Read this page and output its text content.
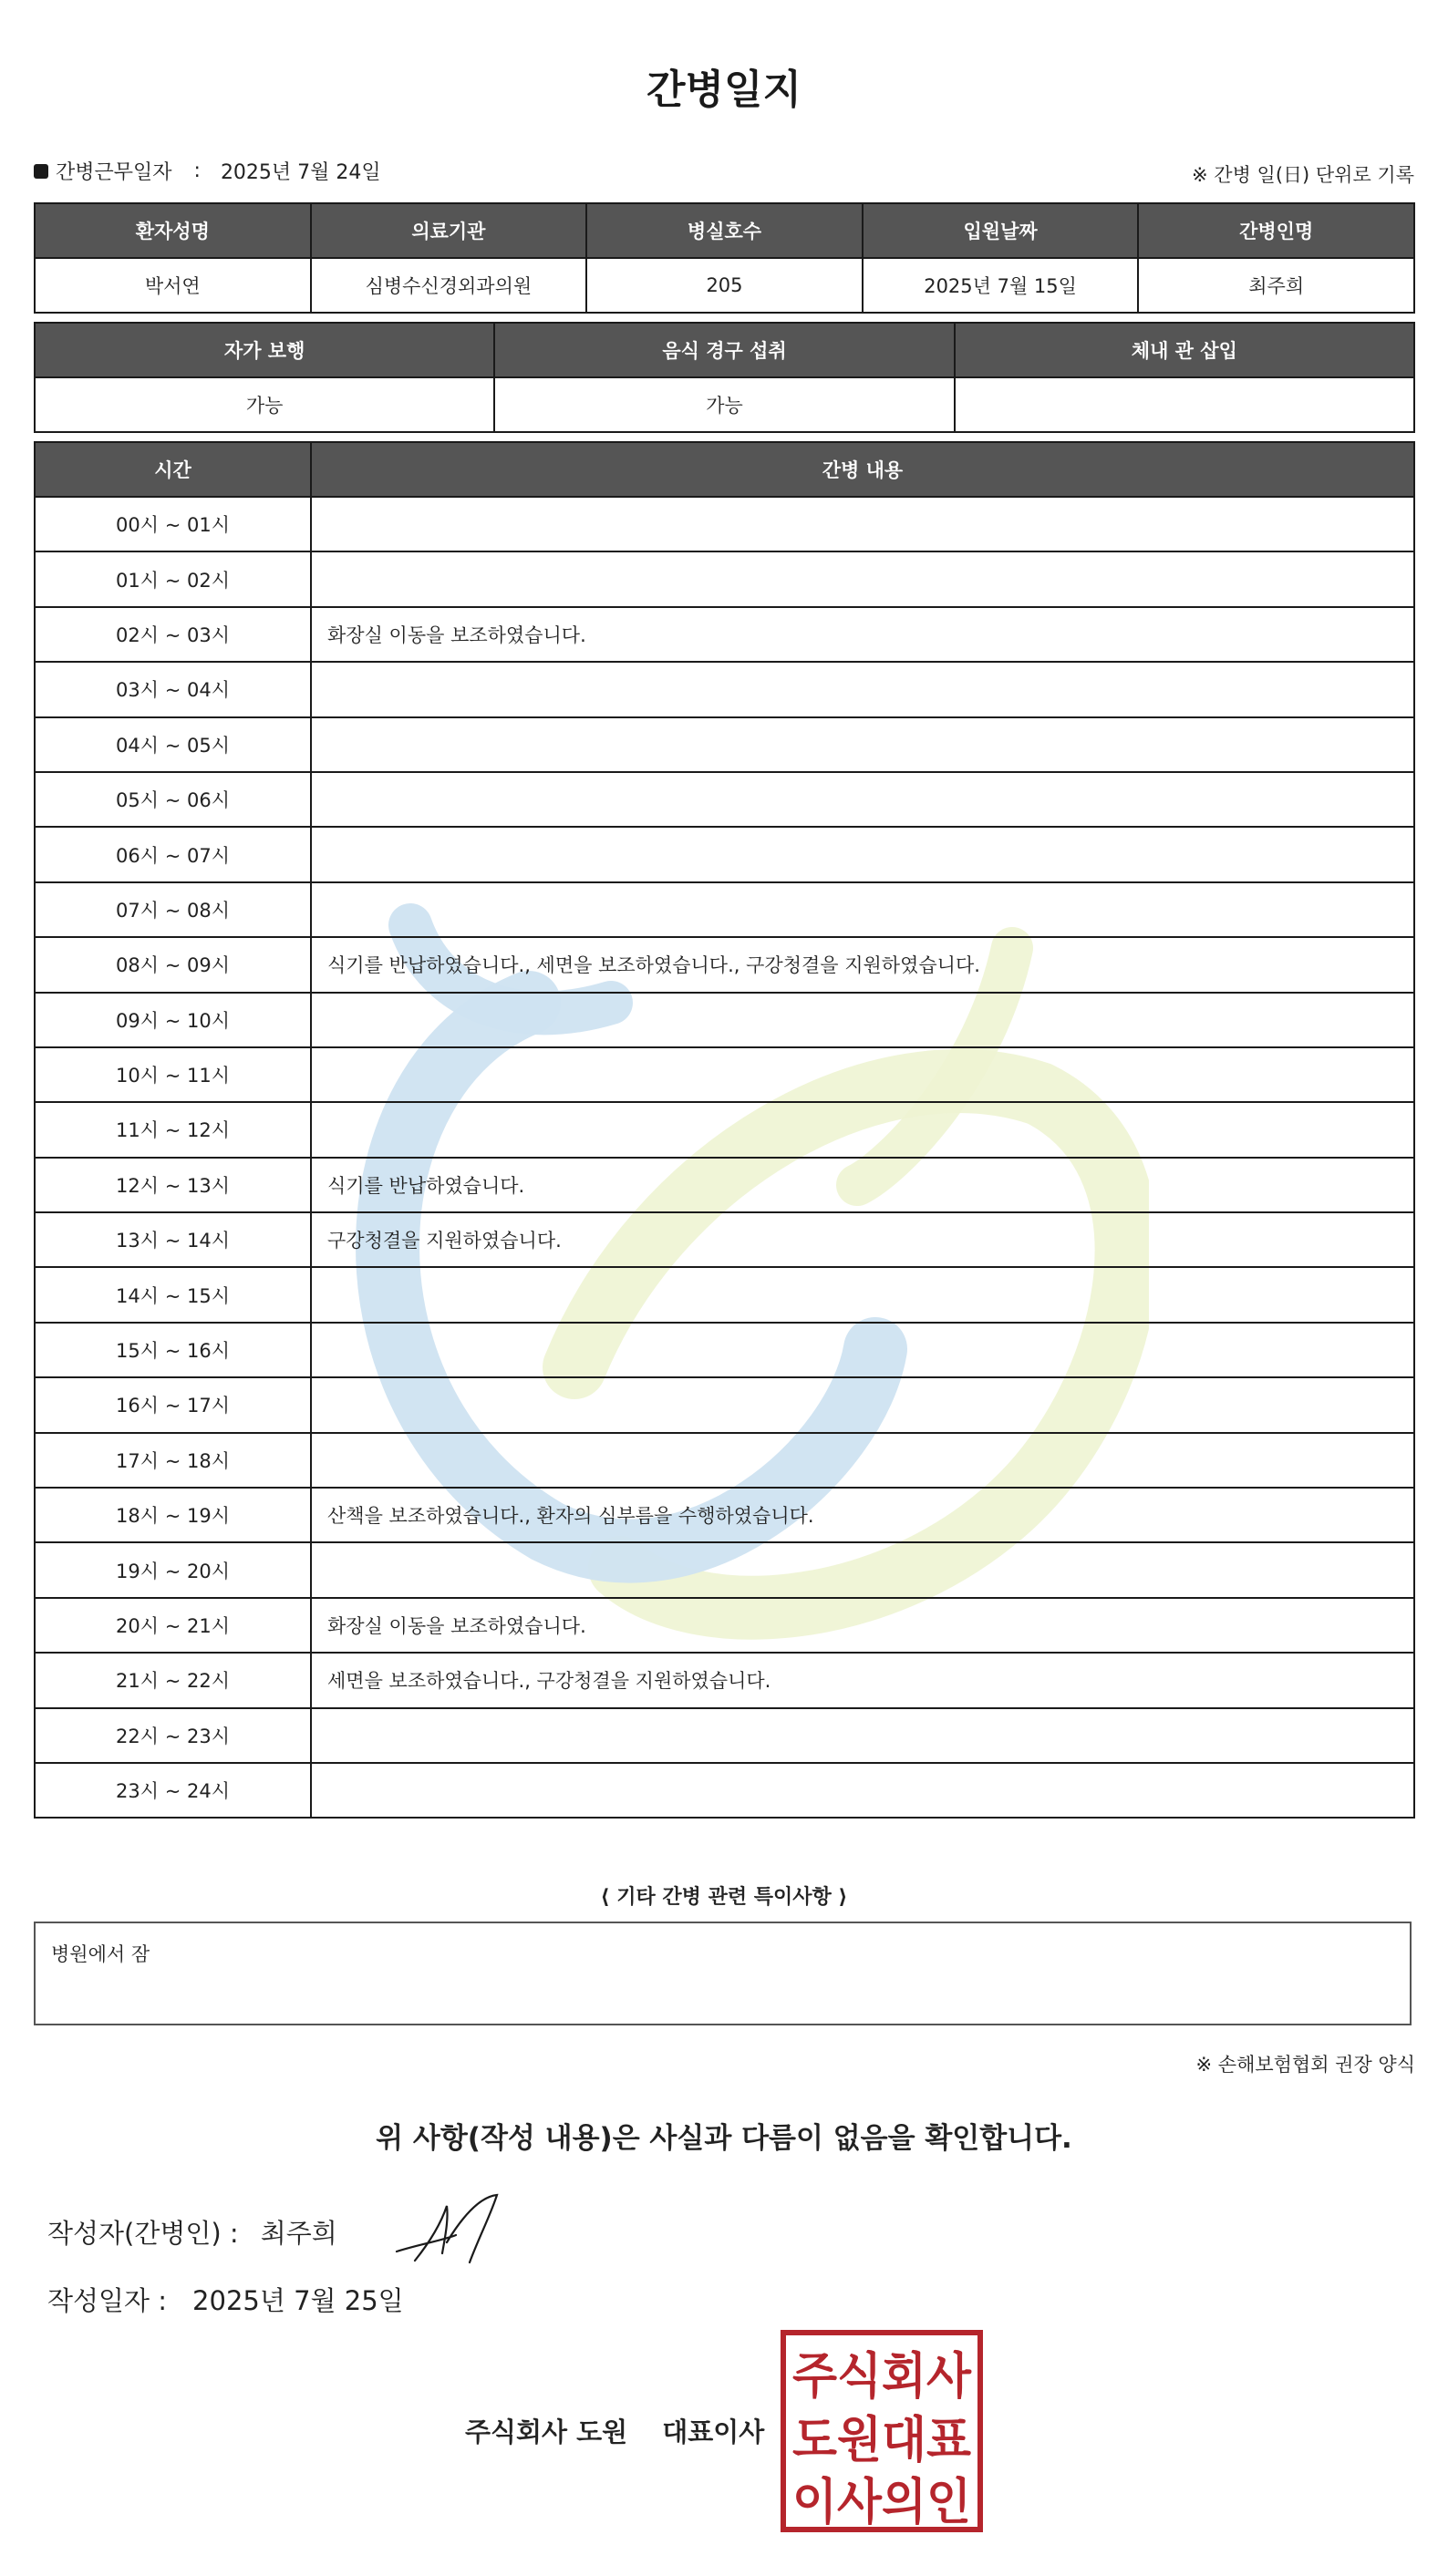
간병일지
간병근무일자 : 2025년 7월 24일	※ 간병 일(日) 단위로 기록
환자성명	의료기관	병실호수	입원날짜	간병인명
박서연	심병수신경외과의원	205	2025년 7월 15일	최주희
자가 보행	음식 경구 섭취	체내 관 삽입
가능	가능	
시간	간병 내용
00시 ~ 01시	
01시 ~ 02시	
02시 ~ 03시	화장실 이동을 보조하였습니다.
03시 ~ 04시	
04시 ~ 05시	
05시 ~ 06시	
06시 ~ 07시	
07시 ~ 08시	
08시 ~ 09시	식기를 반납하였습니다., 세면을 보조하였습니다., 구강청결을 지원하였습니다.
09시 ~ 10시	
10시 ~ 11시	
11시 ~ 12시	
12시 ~ 13시	식기를 반납하였습니다.
13시 ~ 14시	구강청결을 지원하였습니다.
14시 ~ 15시	
15시 ~ 16시	
16시 ~ 17시	
17시 ~ 18시	
18시 ~ 19시	산책을 보조하였습니다., 환자의 심부름을 수행하였습니다.
19시 ~ 20시	
20시 ~ 21시	화장실 이동을 보조하였습니다.
21시 ~ 22시	세면을 보조하였습니다., 구강청결을 지원하였습니다.
22시 ~ 23시	
23시 ~ 24시	
⟨ 기타 간병 관련 특이사항 ⟩
병원에서 잠
※ 손해보험협회 권장 양식
위 사항(작성 내용)은 사실과 다름이 없음을 확인합니다.
작성자(간병인) : 최주희
작성일자 : 2025년 7월 25일
주식회사 도원 대표이사
주식회사
도원대표
이사의인
